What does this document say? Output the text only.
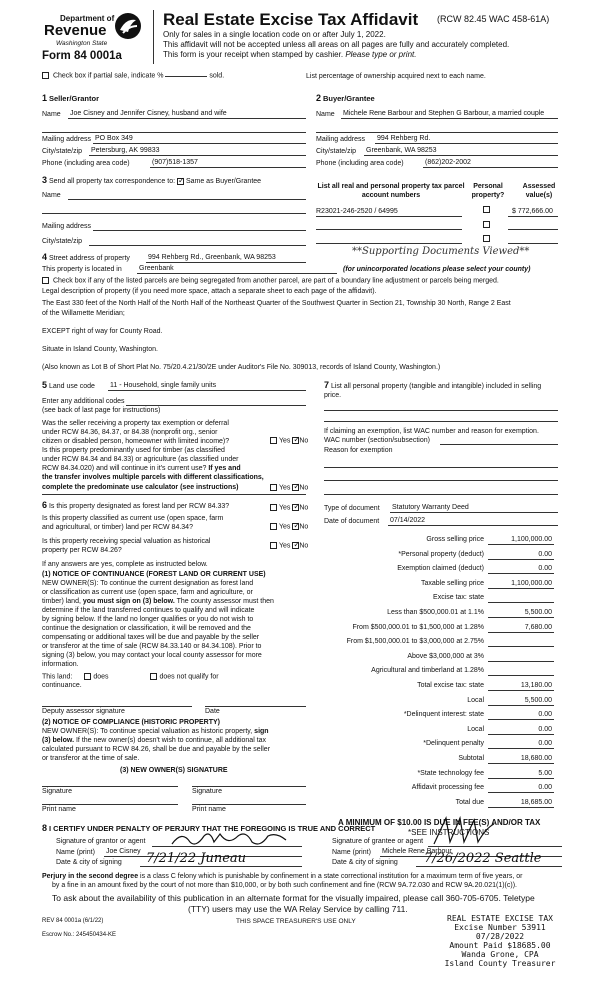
Department of
Revenue
Washington State
Form 84 0001a
Real Estate Excise Tax Affidavit (RCW 82.45 WAC 458-61A)
Only for sales in a single location code on or after July 1, 2022.
This affidavit will not be accepted unless all areas on all pages are fully and accurately completed.
This form is your receipt when stamped by cashier. Please type or print.
Check box if partial sale, indicate %	sold.	List percentage of ownership acquired next to each name.
1 Seller/Grantor
Name Joe Cisney and Jennifer Cisney, husband and wife
Mailing address PO Box 349
City/state/zip Petersburg, AK 99833
Phone (including area code)	(907)518-1357
2 Buyer/Grantee
Name Michele Rene Barbour and Stephen G Barbour, a married couple
Mailing address 994 Rehberg Rd.
City/state/zip Greenbank, WA 98253
Phone (including area code)	(862)202-2002
3 Send all property tax correspondence to: ✓ Same as Buyer/Grantee
Name
Mailing address
City/state/zip
List all real and personal property tax parcel account numbers
Personal property?
Assessed value(s)
R23021-246-2520 / 64995	$ 772,666.00
**Supporting Documents Viewed**
4 Street address of property	994 Rehberg Rd., Greenbank, WA 98253
This property is located in Greenbank	(for unincorporated locations please select your county)
Check box if any of the listed parcels are being segregated from another parcel, are part of a boundary line adjustment or parcels being merged.
Legal description of property (if you need more space, attach a separate sheet to each page of the affidavit).
The East 330 feet of the North Half of the North Half of the Northeast Quarter of the Southwest Quarter in Section 21, Township 30 North, Range 2 East
of the Willamette Meridian;
EXCEPT right of way for County Road.
Situate in Island County, Washington.
(Also known as Lot B of Short Plat No. 75/20.4.21/30/2E under Auditor's File No. 309013, records of Island County, Washington.)
5 Land use code 11 - Household, single family units
Enter any additional codes
(see back of last page for instructions)
Was the seller receiving a property tax exemption or deferral
under RCW 84.36, 84.37, or 84.38 (nonprofit org., senior
citizen or disabled person, homeowner with limited income)?	Yes ✓ No
Is this property predominantly used for timber (as classified
under RCW 84.34 and 84.33) or agriculture (as classified under
RCW 84.34.020) and will continue in it's current use? If yes and
the transfer involves multiple parcels with different classifications,
complete the predominate use calculator (see instructions)	Yes ✓ No
6 Is this property designated as forest land per RCW 84.33?	Yes ✓ No
Is this property classified as current use (open space, farm
and agricultural, or timber) land per RCW 84.34?	Yes ✓ No
Is this property receiving special valuation as historical
property per RCW 84.26?
Yes ✓ No
If any answers are yes, complete as instructed below.
(1) NOTICE OF CONTINUANCE (FOREST LAND OR CURRENT USE)
NEW OWNER(S): To continue the current designation as forest land
or classification as current use (open space, farm and agriculture, or
timber) land, you must sign on (3) below. The county assessor must then
determine if the land transferred continues to qualify and will indicate
by signing below. If the land no longer qualifies or you do not wish to
continue the designation or classification, it will be removed and the
compensating or additional taxes will be due and payable by the seller
or transferor at the time of sale (RCW 84.33.140 or 84.34.108). Prior to
signing (3) below, you may contact your local county assessor for more
information.
This land:	does	does not qualify for
continuance.
Deputy assessor signature	Date
(2) NOTICE OF COMPLIANCE (HISTORIC PROPERTY)
NEW OWNER(S): To continue special valuation as historic property, sign
(3) below. If the new owner(s) doesn't wish to continue, all additional tax
calculated pursuant to RCW 84.26, shall be due and payable by the seller
or transferor at the time of sale.
(3) NEW OWNER(S) SIGNATURE
Signature	Signature
Print name	Print name
7 List all personal property (tangible and intangible) included in selling
price.
If claiming an exemption, list WAC number and reason for exemption.
WAC number (section/subsection)
Reason for exemption
Type of document Statutory Warranty Deed
Date of document 07/14/2022
Gross selling price	1,100,000.00
*Personal property (deduct)	0.00
Exemption claimed (deduct)	0.00
Taxable selling price	1,100,000.00
Excise tax: state
Less than $500,000.01 at 1.1%	5,500.00
From $500,000.01 to $1,500,000 at 1.28%	7,680.00
From $1,500,000.01 to $3,000,000 at 2.75%
Above $3,000,000 at 3%
Agricultural and timberland at 1.28%
Total excise tax: state	13,180.00
Local	5,500.00
*Delinquent interest: state	0.00
Local	0.00
*Delinquent penalty	0.00
Subtotal	18,680.00
*State technology fee	5.00
Affidavit processing fee	0.00
Total due	18,685.00
A MINIMUM OF $10.00 IS DUE IN FEE(S) AND/OR TAX
*SEE INSTRUCTIONS
8 I CERTIFY UNDER PENALTY OF PERJURY THAT THE FOREGOING IS TRUE AND CORRECT
Signature of grantor or agent
Name (print) Joe Cisney
Date & city of signing 7/21/22 Juneau
Signature of grantee or agent
Name (print) Michele Rene Barbour
Date & city of signing 7/26/2022 Seattle
Perjury in the second degree is a class C felony which is punishable by confinement in a state correctional institution for a maximum term of five years, or
by a fine in an amount fixed by the court of not more than $10,000, or by both such confinement and fine (RCW 9A.72.030 and RCW 9A.20.021(1)(c)).
To ask about the availability of this publication in an alternate format for the visually impaired, please call 360-705-6705. Teletype
(TTY) users may use the WA Relay Service by calling 711.
REV 84 0001a (6/1/22)	THIS SPACE TREASURER'S USE ONLY
Escrow No.: 245450434-KE
REAL ESTATE EXCISE TAX
Excise Number 53911
07/28/2022
Amount Paid $18685.00
Wanda Grone, CPA
Island County Treasurer
